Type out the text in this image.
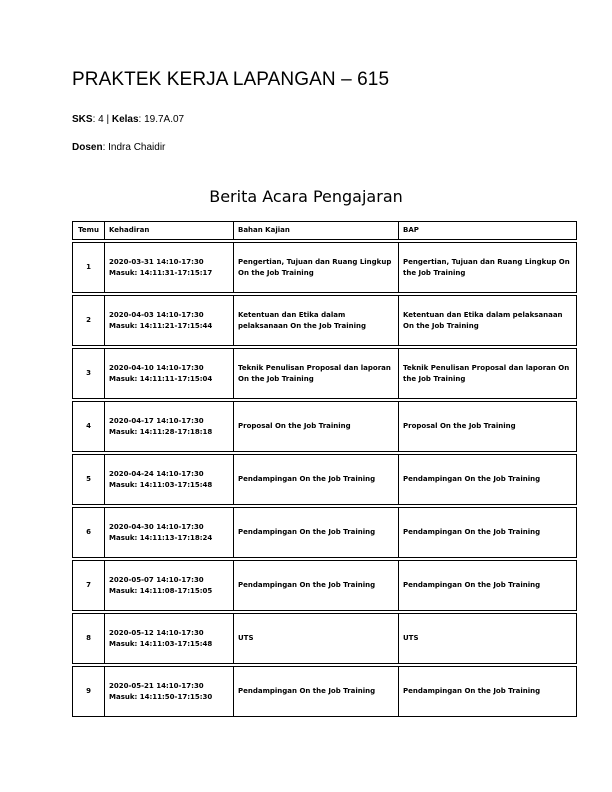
PRAKTEK KERJA LAPANGAN – 615
SKS: 4 | Kelas: 19.7A.07
Dosen: Indra Chaidir
Berita Acara Pengajaran
Temu	Kehadiran	Bahan Kajian	BAP

1	2020-03-31 14:10-17:30
Masuk: 14:11:31-17:15:17	Pengertian, Tujuan dan Ruang Lingkup On the Job Training	Pengertian, Tujuan dan Ruang Lingkup On the Job Training

2	2020-04-03 14:10-17:30
Masuk: 14:11:21-17:15:44	Ketentuan dan Etika dalam pelaksanaan On the Job Training	Ketentuan dan Etika dalam pelaksanaan On the Job Training

3	2020-04-10 14:10-17:30
Masuk: 14:11:11-17:15:04	Teknik Penulisan Proposal dan laporan On the Job Training	Teknik Penulisan Proposal dan laporan On the Job Training

4	2020-04-17 14:10-17:30
Masuk: 14:11:28-17:18:18	Proposal On the Job Training	Proposal On the Job Training

5	2020-04-24 14:10-17:30
Masuk: 14:11:03-17:15:48	Pendampingan On the Job Training	Pendampingan On the Job Training

6	2020-04-30 14:10-17:30
Masuk: 14:11:13-17:18:24	Pendampingan On the Job Training	Pendampingan On the Job Training

7	2020-05-07 14:10-17:30
Masuk: 14:11:08-17:15:05	Pendampingan On the Job Training	Pendampingan On the Job Training

8	2020-05-12 14:10-17:30
Masuk: 14:11:03-17:15:48	UTS	UTS

9	2020-05-21 14:10-17:30
Masuk: 14:11:50-17:15:30	Pendampingan On the Job Training	Pendampingan On the Job Training
